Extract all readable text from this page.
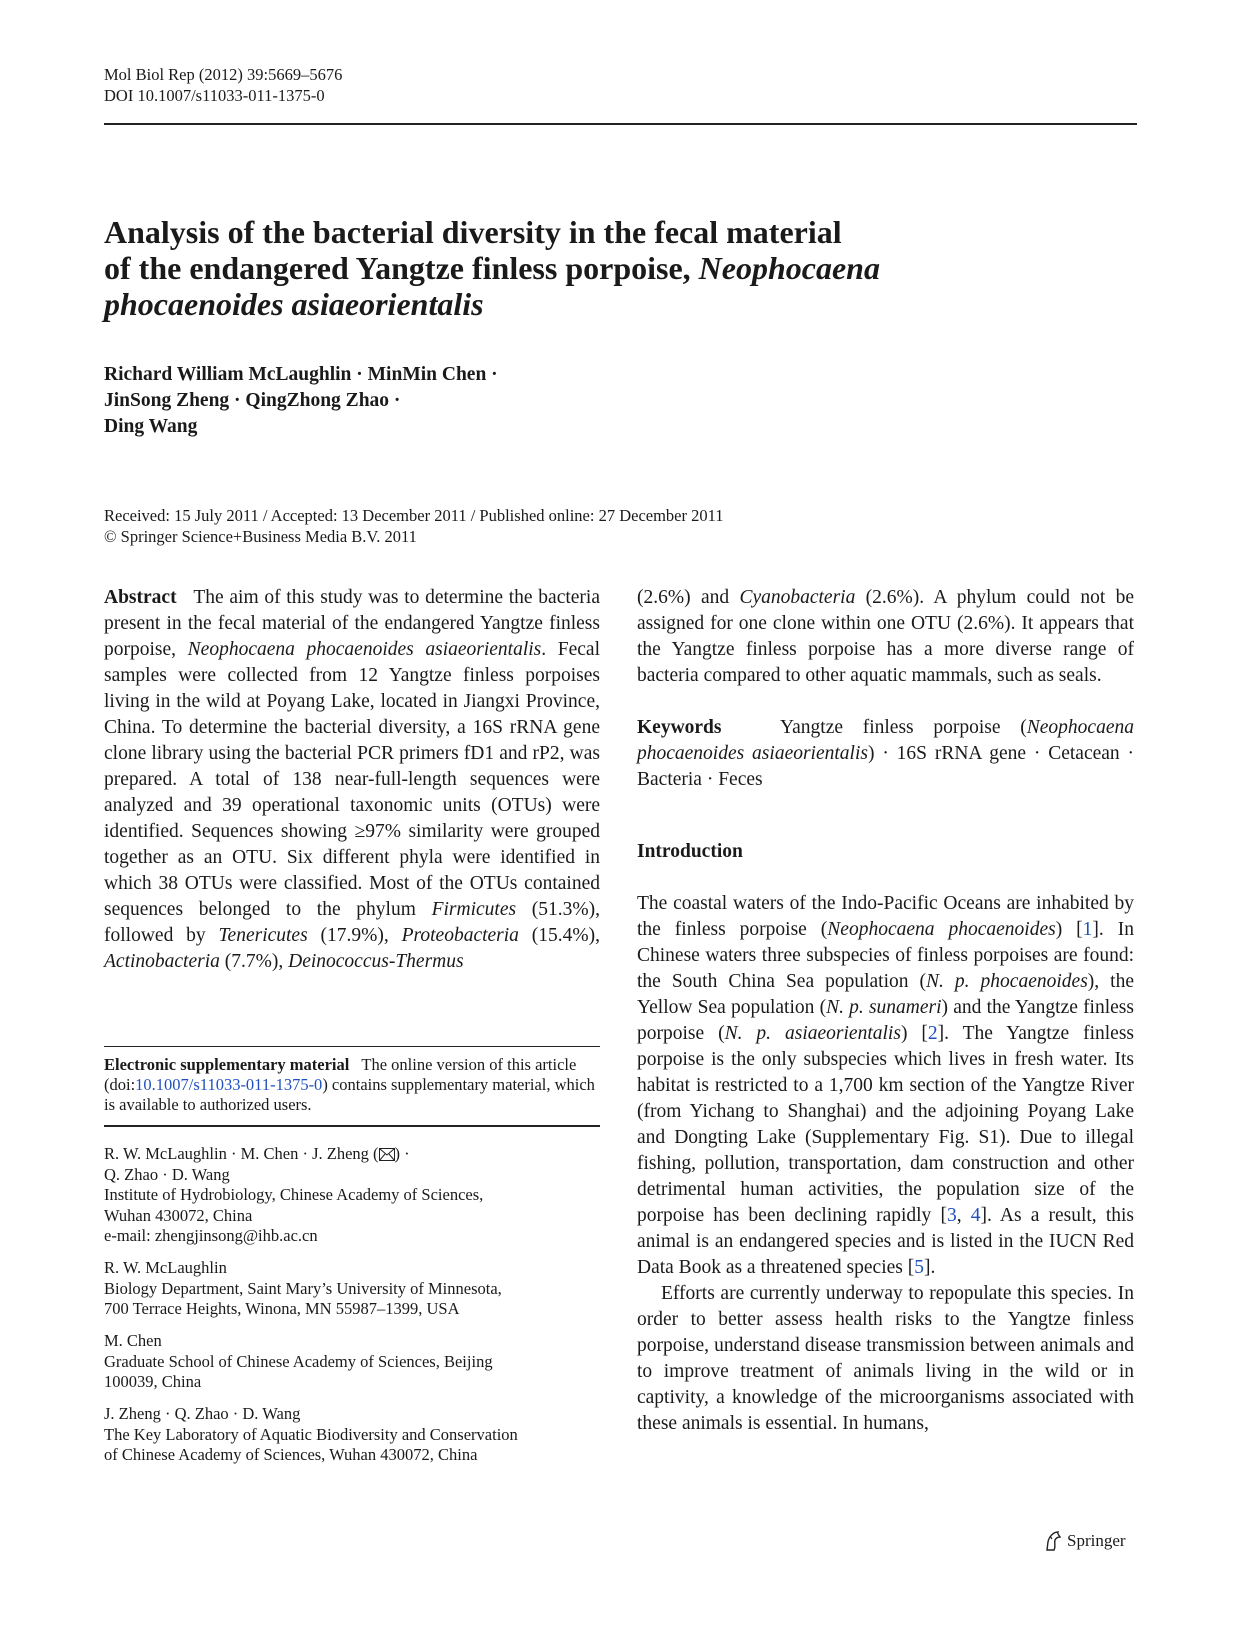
Mol Biol Rep (2012) 39:5669–5676
DOI 10.1007/s11033-011-1375-0
Analysis of the bacterial diversity in the fecal material
of the endangered Yangtze finless porpoise, Neophocaena
phocaenoides asiaeorientalis
Richard William McLaughlin · MinMin Chen ·
JinSong Zheng · QingZhong Zhao ·
Ding Wang
Received: 15 July 2011 / Accepted: 13 December 2011 / Published online: 27 December 2011
© Springer Science+Business Media B.V. 2011

Abstract The aim of this study was to determine the bacteria present in the fecal material of the endangered Yangtze finless porpoise, Neophocaena phocaenoides asiaeorientalis. Fecal samples were collected from 12 Yangtze finless porpoises living in the wild at Poyang Lake, located in Jiangxi Province, China. To determine the bacterial diversity, a 16S rRNA gene clone library using the bacterial PCR primers fD1 and rP2, was prepared. A total of 138 near-full-length sequences were analyzed and 39 operational taxonomic units (OTUs) were identified. Sequences showing ≥97% similarity were grouped together as an OTU. Six different phyla were identified in which 38 OTUs were classified. Most of the OTUs contained sequences belonged to the phylum Firmicutes (51.3%), followed by Tenericutes (17.9%), Proteobacteria (15.4%), Actinobacteria (7.7%), Deinococcus-Thermus

Electronic supplementary material The online version of this article (doi:10.1007/s11033-011-1375-0) contains supplementary material, which is available to authorized users.
R. W. McLaughlin · M. Chen · J. Zheng ( ) ·
Q. Zhao · D. Wang
Institute of Hydrobiology, Chinese Academy of Sciences,
Wuhan 430072, China
e-mail: zhengjinsong@ihb.ac.cn
R. W. McLaughlin
Biology Department, Saint Mary’s University of Minnesota,
700 Terrace Heights, Winona, MN 55987–1399, USA
M. Chen
Graduate School of Chinese Academy of Sciences, Beijing
100039, China
J. Zheng · Q. Zhao · D. Wang
The Key Laboratory of Aquatic Biodiversity and Conservation
of Chinese Academy of Sciences, Wuhan 430072, China

(2.6%) and Cyanobacteria (2.6%). A phylum could not be assigned for one clone within one OTU (2.6%). It appears that the Yangtze finless porpoise has a more diverse range of bacteria compared to other aquatic mammals, such as seals.

Keywords	Yangtze finless porpoise (Neophocaena phocaenoides asiaeorientalis) · 16S rRNA gene · Cetacean · Bacteria · Feces

Introduction

The coastal waters of the Indo-Pacific Oceans are inhabited by the finless porpoise (Neophocaena phocaenoides) [1]. In Chinese waters three subspecies of finless porpoises are found: the South China Sea population (N. p. phocaenoides), the Yellow Sea population (N. p. sunameri) and the Yangtze finless porpoise (N. p. asiaeorientalis) [2]. The Yangtze finless porpoise is the only subspecies which lives in fresh water. Its habitat is restricted to a 1,700 km section of the Yangtze River (from Yichang to Shanghai) and the adjoining Poyang Lake and Dongting Lake (Supplementary Fig. S1). Due to illegal fishing, pollution, transportation, dam construction and other detrimental human activities, the population size of the porpoise has been declining rapidly [3, 4]. As a result, this animal is an endangered species and is listed in the IUCN Red Data Book as a threatened species [5].

Efforts are currently underway to repopulate this species. In order to better assess health risks to the Yangtze finless porpoise, understand disease transmission between animals and to improve treatment of animals living in the wild or in captivity, a knowledge of the microorganisms associated with these animals is essential. In humans,

Springer
